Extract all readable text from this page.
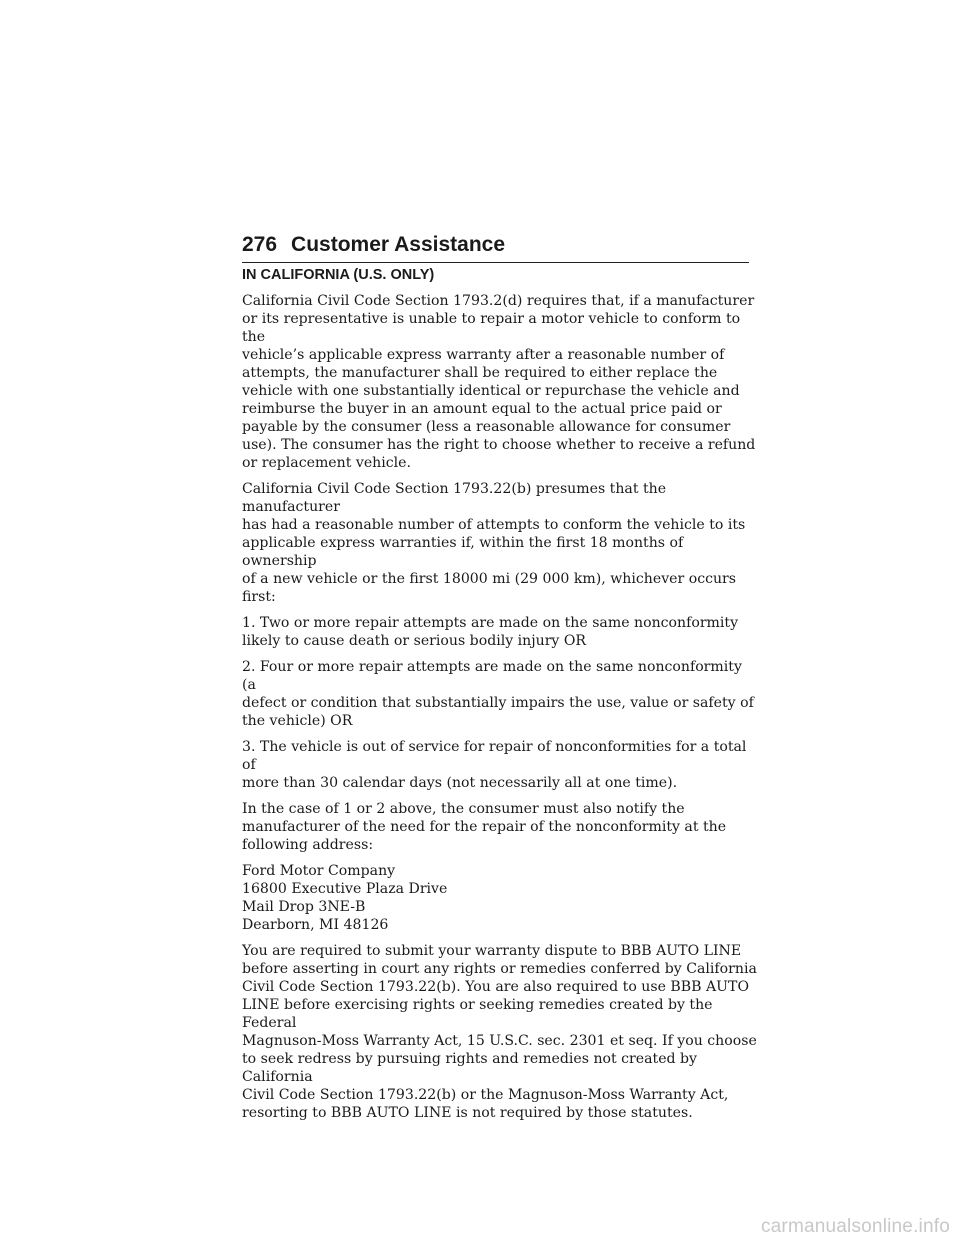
276 Customer Assistance
IN CALIFORNIA (U.S. ONLY)

California Civil Code Section 1793.2(d) requires that, if a manufacturer
or its representative is unable to repair a motor vehicle to conform to the
vehicle’s applicable express warranty after a reasonable number of
attempts, the manufacturer shall be required to either replace the
vehicle with one substantially identical or repurchase the vehicle and
reimburse the buyer in an amount equal to the actual price paid or
payable by the consumer (less a reasonable allowance for consumer
use). The consumer has the right to choose whether to receive a refund
or replacement vehicle.

California Civil Code Section 1793.22(b) presumes that the manufacturer
has had a reasonable number of attempts to conform the vehicle to its
applicable express warranties if, within the first 18 months of ownership
of a new vehicle or the first 18000 mi (29 000 km), whichever occurs
first:

1. Two or more repair attempts are made on the same nonconformity
likely to cause death or serious bodily injury OR

2. Four or more repair attempts are made on the same nonconformity (a
defect or condition that substantially impairs the use, value or safety of
the vehicle) OR

3. The vehicle is out of service for repair of nonconformities for a total of
more than 30 calendar days (not necessarily all at one time).

In the case of 1 or 2 above, the consumer must also notify the
manufacturer of the need for the repair of the nonconformity at the
following address:

Ford Motor Company
16800 Executive Plaza Drive
Mail Drop 3NE-B
Dearborn, MI 48126

You are required to submit your warranty dispute to BBB AUTO LINE
before asserting in court any rights or remedies conferred by California
Civil Code Section 1793.22(b). You are also required to use BBB AUTO
LINE before exercising rights or seeking remedies created by the Federal
Magnuson-Moss Warranty Act, 15 U.S.C. sec. 2301 et seq. If you choose
to seek redress by pursuing rights and remedies not created by California
Civil Code Section 1793.22(b) or the Magnuson-Moss Warranty Act,
resorting to BBB AUTO LINE is not required by those statutes.

carmanualsonline.info
